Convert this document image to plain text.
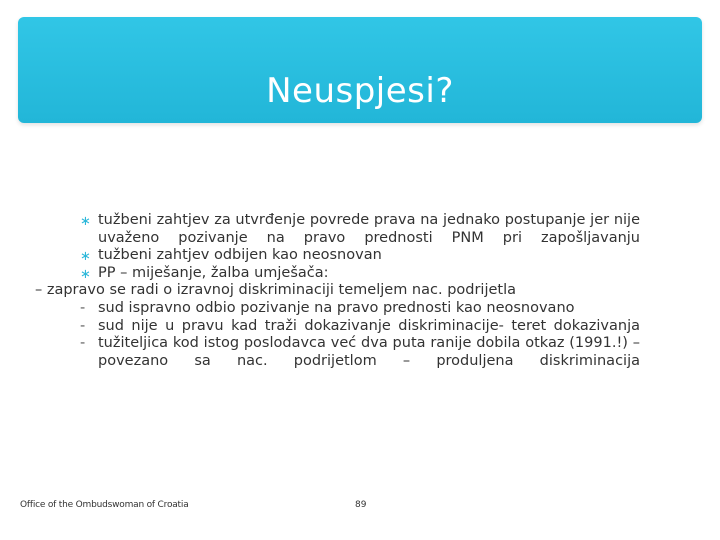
Neuspjesi?
∗ tužbeni zahtjev za utvrđenje povrede prava na jednako postupanje jer nije uvaženo pozivanje na pravo prednosti PNM pri zapošljavanju
∗ tužbeni zahtjev odbijen kao neosnovan
∗ PP – miješanje, žalba umješača:
– zapravo se radi o izravnoj diskriminaciji temeljem nac. podrijetla
- sud ispravno odbio pozivanje na pravo prednosti kao neosnovano
- sud nije u pravu kad traži dokazivanje diskriminacije- teret dokazivanja
- tužiteljica kod istog poslodavca već dva puta ranije dobila otkaz (1991.!) – povezano sa nac. podrijetlom – produljena diskriminacija
Office of the Ombudswoman of Croatia	89
